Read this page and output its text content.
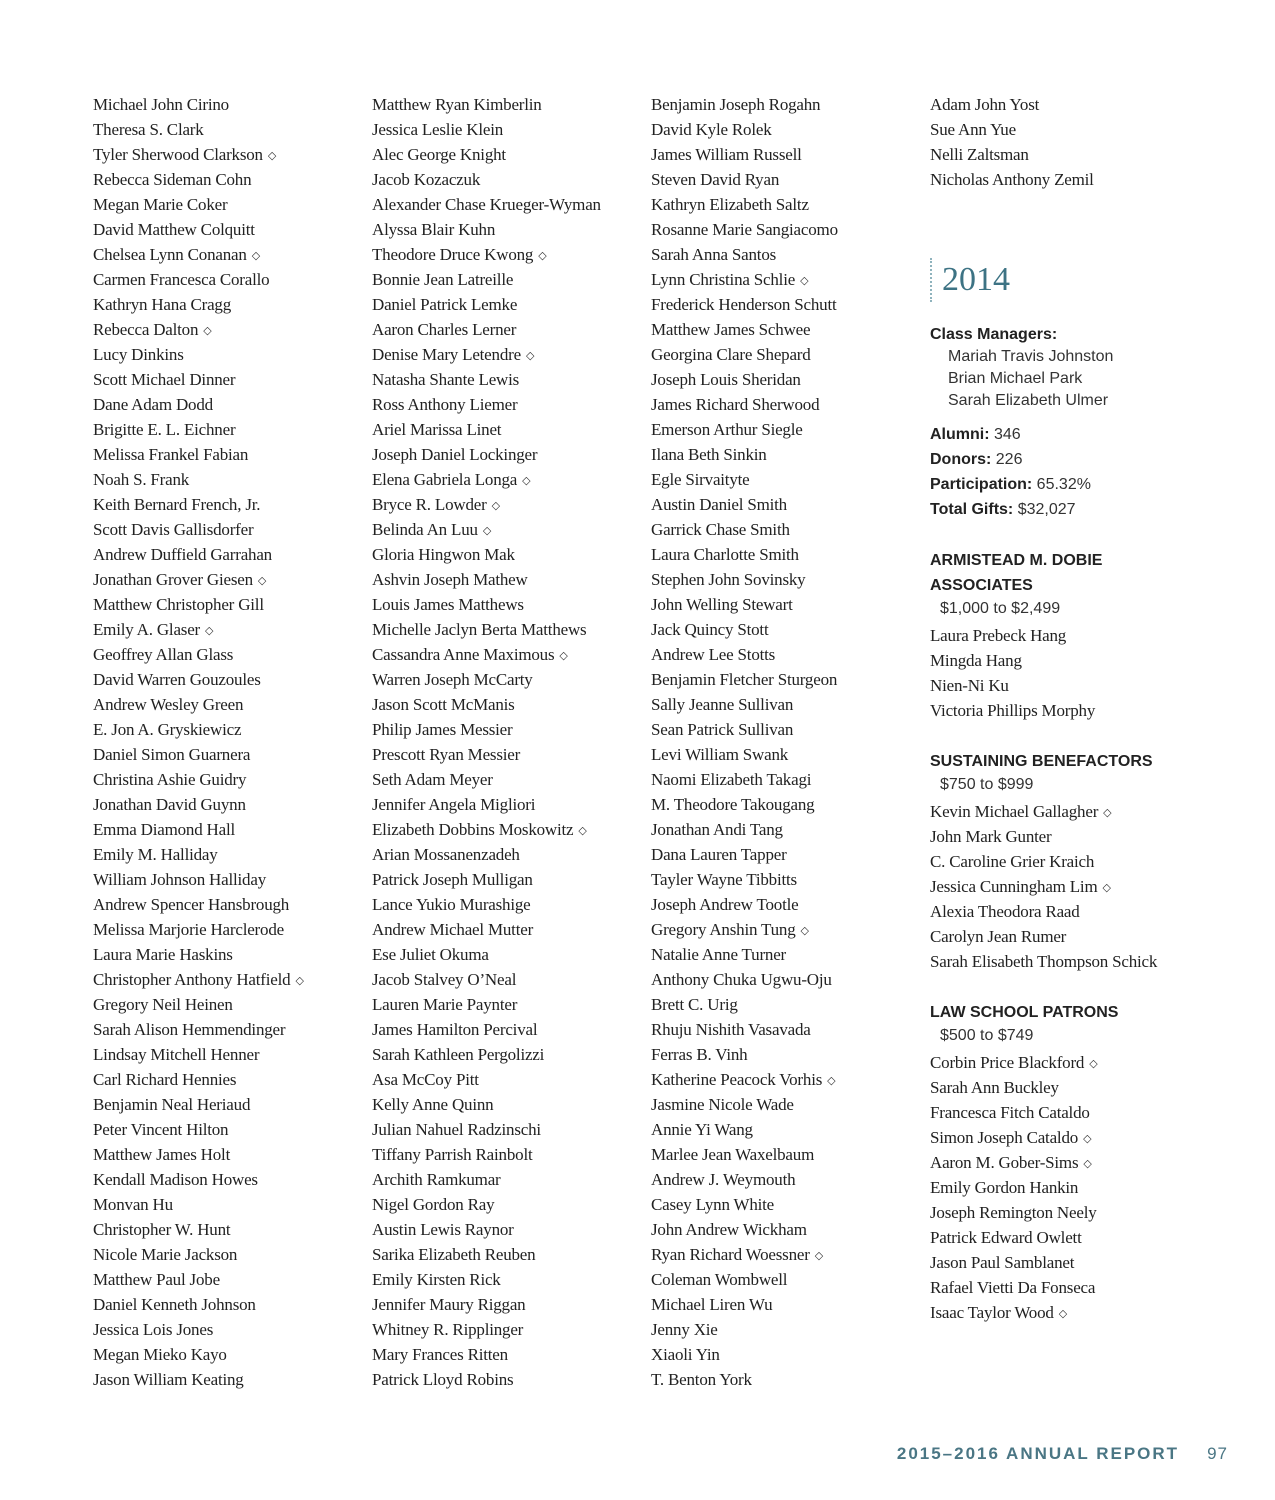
Michael John Cirino
Theresa S. Clark
Tyler Sherwood Clarkson ◇
Rebecca Sideman Cohn
Megan Marie Coker
David Matthew Colquitt
Chelsea Lynn Conanan ◇
Carmen Francesca Corallo
Kathryn Hana Cragg
Rebecca Dalton ◇
Lucy Dinkins
Scott Michael Dinner
Dane Adam Dodd
Brigitte E. L. Eichner
Melissa Frankel Fabian
Noah S. Frank
Keith Bernard French, Jr.
Scott Davis Gallisdorfer
Andrew Duffield Garrahan
Jonathan Grover Giesen ◇
Matthew Christopher Gill
Emily A. Glaser ◇
Geoffrey Allan Glass
David Warren Gouzoules
Andrew Wesley Green
E. Jon A. Gryskiewicz
Daniel Simon Guarnera
Christina Ashie Guidry
Jonathan David Guynn
Emma Diamond Hall
Emily M. Halliday
William Johnson Halliday
Andrew Spencer Hansbrough
Melissa Marjorie Harclerode
Laura Marie Haskins
Christopher Anthony Hatfield ◇
Gregory Neil Heinen
Sarah Alison Hemmendinger
Lindsay Mitchell Henner
Carl Richard Hennies
Benjamin Neal Heriaud
Peter Vincent Hilton
Matthew James Holt
Kendall Madison Howes
Monvan Hu
Christopher W. Hunt
Nicole Marie Jackson
Matthew Paul Jobe
Daniel Kenneth Johnson
Jessica Lois Jones
Megan Mieko Kayo
Jason William Keating
Matthew Ryan Kimberlin
Jessica Leslie Klein
Alec George Knight
Jacob Kozaczuk
Alexander Chase Krueger-Wyman
Alyssa Blair Kuhn
Theodore Druce Kwong ◇
Bonnie Jean Latreille
Daniel Patrick Lemke
Aaron Charles Lerner
Denise Mary Letendre ◇
Natasha Shante Lewis
Ross Anthony Liemer
Ariel Marissa Linet
Joseph Daniel Lockinger
Elena Gabriela Longa ◇
Bryce R. Lowder ◇
Belinda An Luu ◇
Gloria Hingwon Mak
Ashvin Joseph Mathew
Louis James Matthews
Michelle Jaclyn Berta Matthews
Cassandra Anne Maximous ◇
Warren Joseph McCarty
Jason Scott McManis
Philip James Messier
Prescott Ryan Messier
Seth Adam Meyer
Jennifer Angela Migliori
Elizabeth Dobbins Moskowitz ◇
Arian Mossanenzadeh
Patrick Joseph Mulligan
Lance Yukio Murashige
Andrew Michael Mutter
Ese Juliet Okuma
Jacob Stalvey O’Neal
Lauren Marie Paynter
James Hamilton Percival
Sarah Kathleen Pergolizzi
Asa McCoy Pitt
Kelly Anne Quinn
Julian Nahuel Radzinschi
Tiffany Parrish Rainbolt
Archith Ramkumar
Nigel Gordon Ray
Austin Lewis Raynor
Sarika Elizabeth Reuben
Emily Kirsten Rick
Jennifer Maury Riggan
Whitney R. Ripplinger
Mary Frances Ritten
Patrick Lloyd Robins
Benjamin Joseph Rogahn
David Kyle Rolek
James William Russell
Steven David Ryan
Kathryn Elizabeth Saltz
Rosanne Marie Sangiacomo
Sarah Anna Santos
Lynn Christina Schlie ◇
Frederick Henderson Schutt
Matthew James Schwee
Georgina Clare Shepard
Joseph Louis Sheridan
James Richard Sherwood
Emerson Arthur Siegle
Ilana Beth Sinkin
Egle Sirvaityte
Austin Daniel Smith
Garrick Chase Smith
Laura Charlotte Smith
Stephen John Sovinsky
John Welling Stewart
Jack Quincy Stott
Andrew Lee Stotts
Benjamin Fletcher Sturgeon
Sally Jeanne Sullivan
Sean Patrick Sullivan
Levi William Swank
Naomi Elizabeth Takagi
M. Theodore Takougang
Jonathan Andi Tang
Dana Lauren Tapper
Tayler Wayne Tibbitts
Joseph Andrew Tootle
Gregory Anshin Tung ◇
Natalie Anne Turner
Anthony Chuka Ugwu-Oju
Brett C. Urig
Rhuju Nishith Vasavada
Ferras B. Vinh
Katherine Peacock Vorhis ◇
Jasmine Nicole Wade
Annie Yi Wang
Marlee Jean Waxelbaum
Andrew J. Weymouth
Casey Lynn White
John Andrew Wickham
Ryan Richard Woessner ◇
Coleman Wombwell
Michael Liren Wu
Jenny Xie
Xiaoli Yin
T. Benton York
Adam John Yost
Sue Ann Yue
Nelli Zaltsman
Nicholas Anthony Zemil
2014
Class Managers:
Mariah Travis Johnston
Brian Michael Park
Sarah Elizabeth Ulmer
Alumni: 346
Donors: 226
Participation: 65.32%
Total Gifts: $32,027
ARMISTEAD M. DOBIE ASSOCIATES
$1,000 to $2,499
Laura Prebeck Hang
Mingda Hang
Nien-Ni Ku
Victoria Phillips Morphy
SUSTAINING BENEFACTORS
$750 to $999
Kevin Michael Gallagher ◇
John Mark Gunter
C. Caroline Grier Kraich
Jessica Cunningham Lim ◇
Alexia Theodora Raad
Carolyn Jean Rumer
Sarah Elisabeth Thompson Schick
LAW SCHOOL PATRONS
$500 to $749
Corbin Price Blackford ◇
Sarah Ann Buckley
Francesca Fitch Cataldo
Simon Joseph Cataldo ◇
Aaron M. Gober-Sims ◇
Emily Gordon Hankin
Joseph Remington Neely
Patrick Edward Owlett
Jason Paul Samblanet
Rafael Vietti Da Fonseca
Isaac Taylor Wood ◇
2015–2016 ANNUAL REPORT 97
